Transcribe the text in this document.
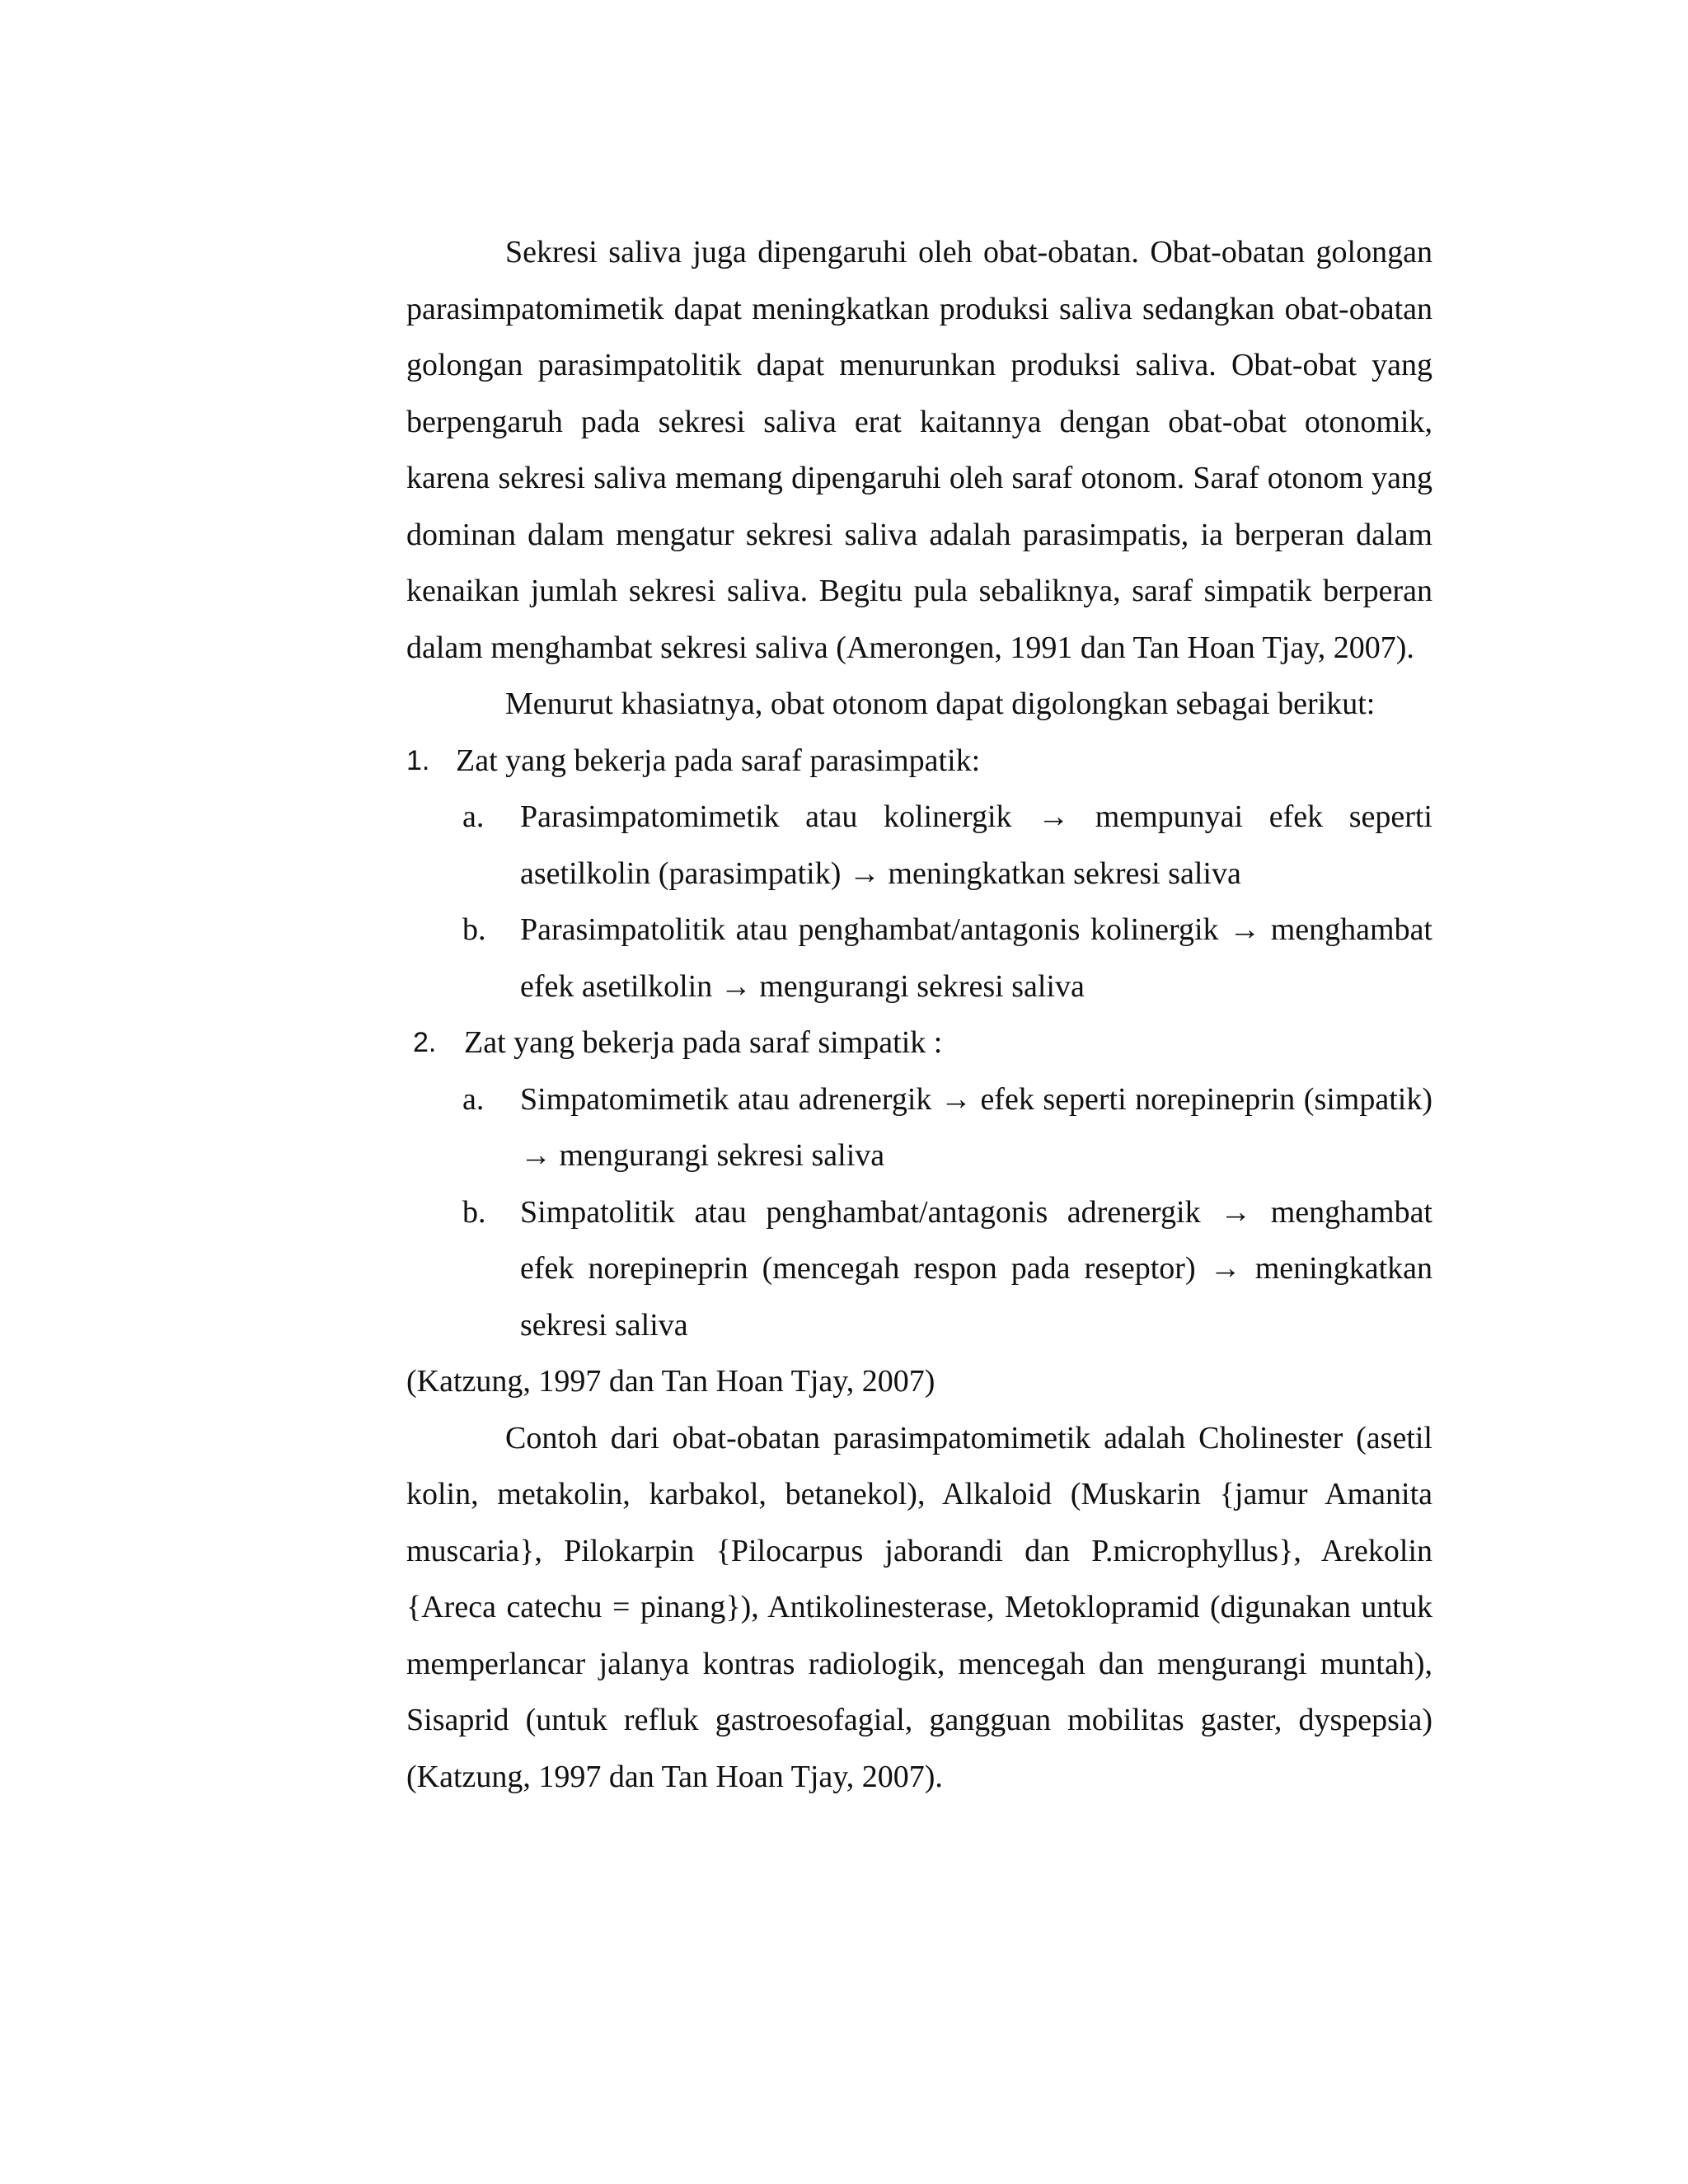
Sekresi saliva juga dipengaruhi oleh obat-obatan. Obat-obatan golongan parasimpatomimetik dapat meningkatkan produksi saliva sedangkan obat-obatan golongan parasimpatolitik dapat menurunkan produksi saliva. Obat-obat yang berpengaruh pada sekresi saliva erat kaitannya dengan obat-obat otonomik, karena sekresi saliva memang dipengaruhi oleh saraf otonom. Saraf otonom yang dominan dalam mengatur sekresi saliva adalah parasimpatis, ia berperan dalam kenaikan jumlah sekresi saliva. Begitu pula sebaliknya, saraf simpatik berperan dalam menghambat sekresi saliva (Amerongen, 1991 dan Tan Hoan Tjay, 2007).

Menurut khasiatnya, obat otonom dapat digolongkan sebagai berikut:

1. Zat yang bekerja pada saraf parasimpatik:
a. Parasimpatomimetik atau kolinergik → mempunyai efek seperti asetilkolin (parasimpatik) → meningkatkan sekresi saliva
b. Parasimpatolitik atau penghambat/antagonis kolinergik → menghambat efek asetilkolin → mengurangi sekresi saliva
2. Zat yang bekerja pada saraf simpatik :
a. Simpatomimetik atau adrenergik → efek seperti norepineprin (simpatik) → mengurangi sekresi saliva
b. Simpatolitik atau penghambat/antagonis adrenergik → menghambat efek norepineprin (mencegah respon pada reseptor) → meningkatkan sekresi saliva

(Katzung, 1997 dan Tan Hoan Tjay, 2007)

Contoh dari obat-obatan parasimpatomimetik adalah Cholinester (asetil kolin, metakolin, karbakol, betanekol), Alkaloid (Muskarin {jamur Amanita muscaria}, Pilokarpin {Pilocarpus jaborandi dan P.microphyllus}, Arekolin {Areca catechu = pinang}), Antikolinesterase, Metoklopramid (digunakan untuk memperlancar jalanya kontras radiologik, mencegah dan mengurangi muntah), Sisaprid (untuk refluk gastroesofagial, gangguan mobilitas gaster, dyspepsia) (Katzung, 1997 dan Tan Hoan Tjay, 2007).
